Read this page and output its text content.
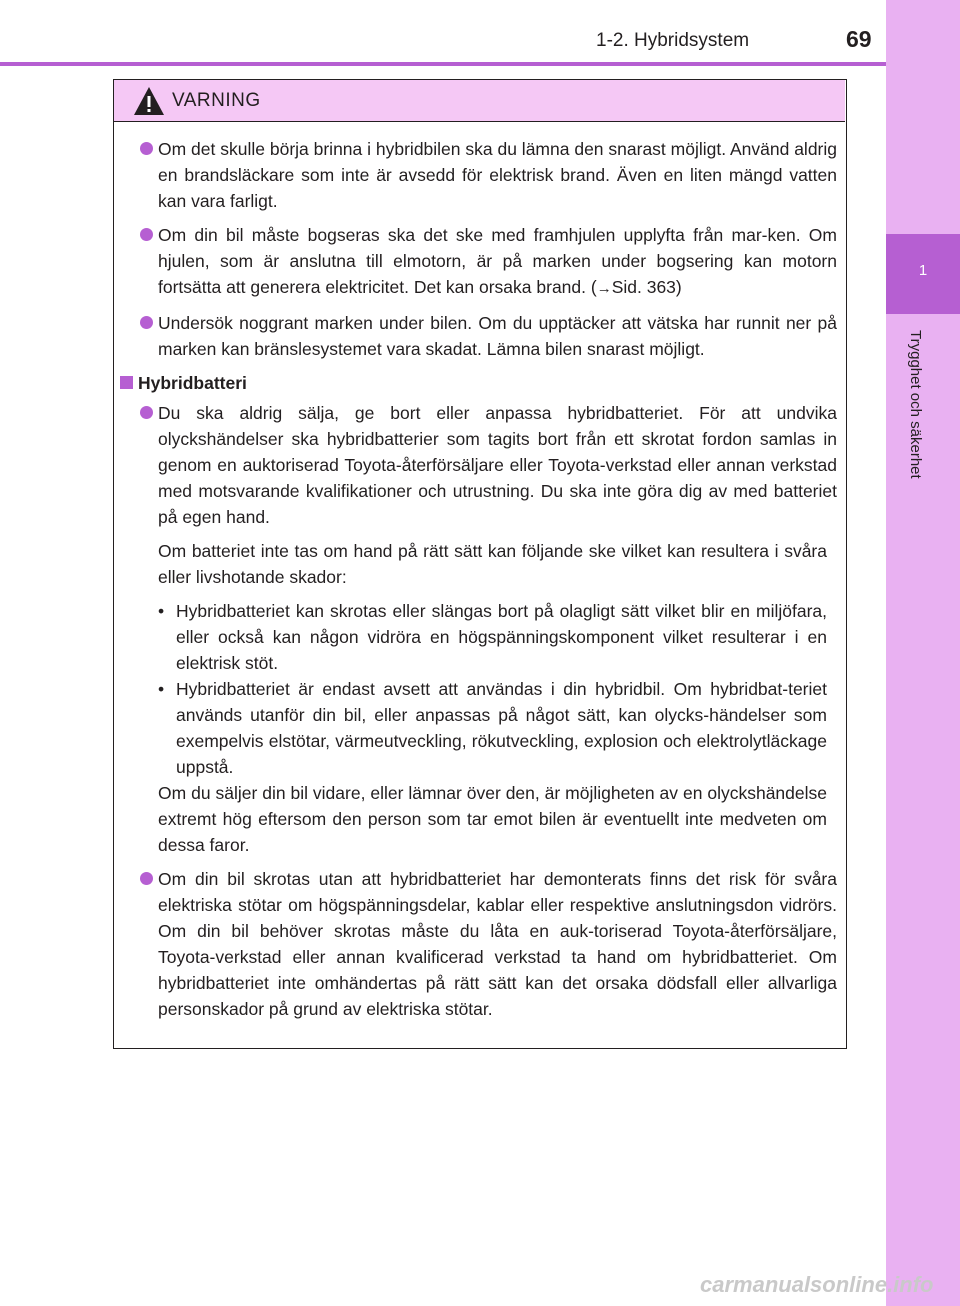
1-2. Hybridsystem	69
1
Trygghet och säkerhet
VARNING
Om det skulle börja brinna i hybridbilen ska du lämna den snarast möjligt. Använd aldrig en brandsläckare som inte är avsedd för elektrisk brand. Även en liten mängd vatten kan vara farligt.
Om din bil måste bogseras ska det ske med framhjulen upplyfta från mar-ken. Om hjulen, som är anslutna till elmotorn, är på marken under bogsering kan motorn fortsätta att generera elektricitet. Det kan orsaka brand. (→Sid. 363)
Undersök noggrant marken under bilen. Om du upptäcker att vätska har runnit ner på marken kan bränslesystemet vara skadat. Lämna bilen snarast möjligt.
Hybridbatteri
Du ska aldrig sälja, ge bort eller anpassa hybridbatteriet. För att undvika olyckshändelser ska hybridbatterier som tagits bort från ett skrotat fordon samlas in genom en auktoriserad Toyota-återförsäljare eller Toyota-verkstad eller annan verkstad med motsvarande kvalifikationer och utrustning. Du ska inte göra dig av med batteriet på egen hand.
Om batteriet inte tas om hand på rätt sätt kan följande ske vilket kan resultera i svåra eller livshotande skador:
• Hybridbatteriet kan skrotas eller slängas bort på olagligt sätt vilket blir en miljöfara, eller också kan någon vidröra en högspänningskomponent vilket resulterar i en elektrisk stöt.
• Hybridbatteriet är endast avsett att användas i din hybridbil. Om hybridbat-teriet används utanför din bil, eller anpassas på något sätt, kan olycks-händelser som exempelvis elstötar, värmeutveckling, rökutveckling, explosion och elektrolytläckage uppstå.
Om du säljer din bil vidare, eller lämnar över den, är möjligheten av en olyckshändelse extremt hög eftersom den person som tar emot bilen är eventuellt inte medveten om dessa faror.
Om din bil skrotas utan att hybridbatteriet har demonterats finns det risk för svåra elektriska stötar om högspänningsdelar, kablar eller respektive anslutningsdon vidrörs. Om din bil behöver skrotas måste du låta en auk-toriserad Toyota-återförsäljare, Toyota-verkstad eller annan kvalificerad verkstad ta hand om hybridbatteriet. Om hybridbatteriet inte omhändertas på rätt sätt kan det orsaka dödsfall eller allvarliga personskador på grund av elektriska stötar.
carmanualsonline.info
